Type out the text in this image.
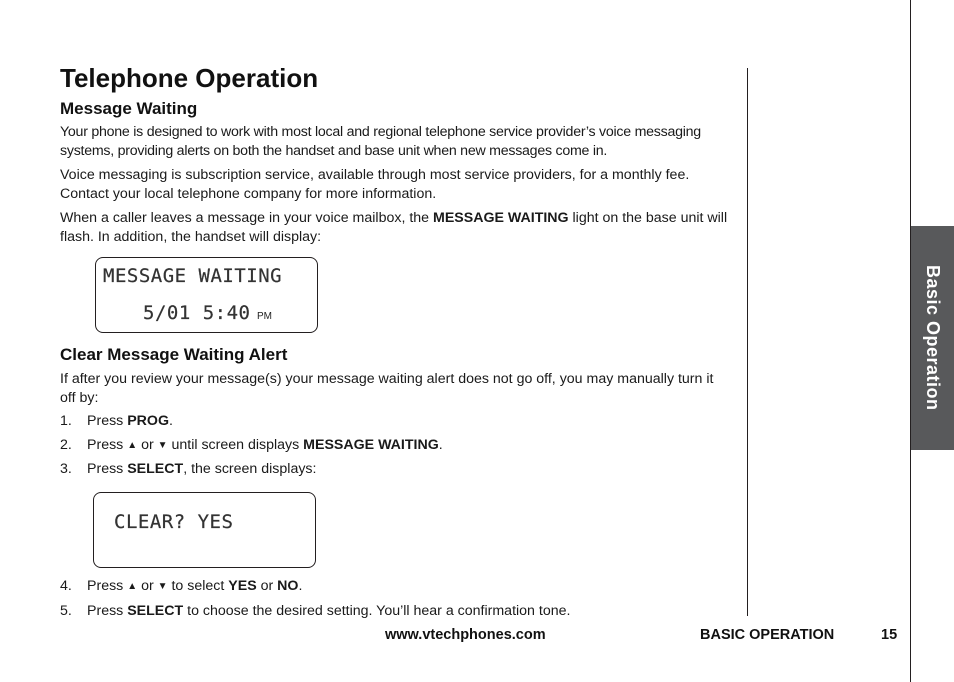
Basic Operation
Telephone Operation
Message Waiting

Your phone is designed to work with most local and regional telephone service provider’s voice messaging systems, providing alerts on both the handset and base unit when new messages come in.

Voice messaging is subscription service, available through most service providers, for a monthly fee. Contact your local telephone company for more information.

When a caller leaves a message in your voice mailbox, the MESSAGE WAITING light on the base unit will flash. In addition, the handset will display:

MESSAGE WAITING
5/01 5:40 PM
Clear Message Waiting Alert

If after you review your message(s) your message waiting alert does not go off, you may manually turn it off by:

1. Press PROG.
2. Press ▲ or ▼ until screen displays MESSAGE WAITING.
3. Press SELECT, the screen displays:
CLEAR? YES
4. Press ▲ or ▼ to select YES or NO.
5. Press SELECT to choose the desired setting. You’ll hear a confirmation tone.
www.vtechphones.com	BASIC OPERATION	15
